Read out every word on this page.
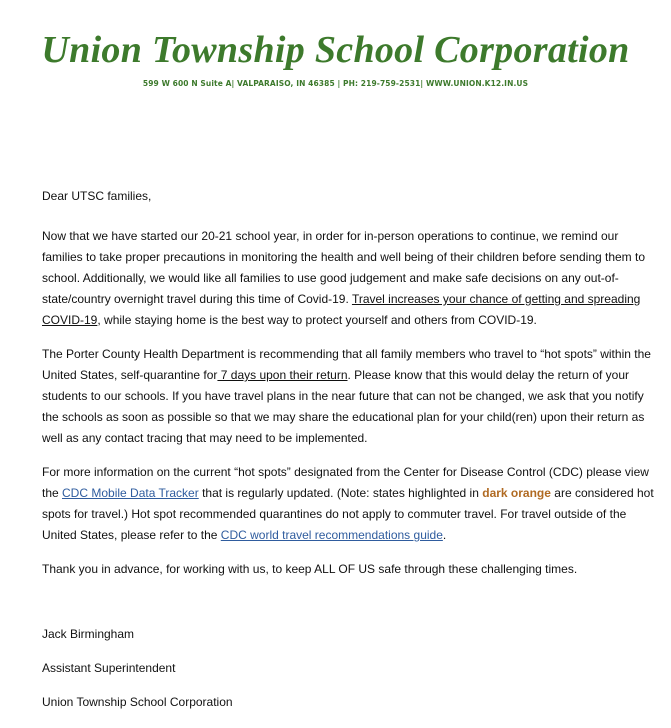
Union Township School Corporation
599 W 600 N Suite A| VALPARAISO, IN 46385 | PH: 219-759-2531| WWW.UNION.K12.IN.US

Dear UTSC families,

Now that we have started our 20-21 school year, in order for in-person operations to continue, we remind our families to take proper precautions in monitoring the health and well being of their children before sending them to school. Additionally, we would like all families to use good judgement and make safe decisions on any out-of-state/country overnight travel during this time of Covid-19. Travel increases your chance of getting and spreading COVID-19, while staying home is the best way to protect yourself and others from COVID-19.

The Porter County Health Department is recommending that all family members who travel to “hot spots” within the United States, self-quarantine for 7 days upon their return. Please know that this would delay the return of your students to our schools. If you have travel plans in the near future that can not be changed, we ask that you notify the schools as soon as possible so that we may share the educational plan for your child(ren) upon their return as well as any contact tracing that may need to be implemented.

For more information on the current “hot spots” designated from the Center for Disease Control (CDC) please view the CDC Mobile Data Tracker that is regularly updated. (Note: states highlighted in dark orange are considered hot spots for travel.) Hot spot recommended quarantines do not apply to commuter travel. For travel outside of the United States, please refer to the CDC world travel recommendations guide.

Thank you in advance, for working with us, to keep ALL OF US safe through these challenging times.

Jack Birmingham

Assistant Superintendent

Union Township School Corporation
